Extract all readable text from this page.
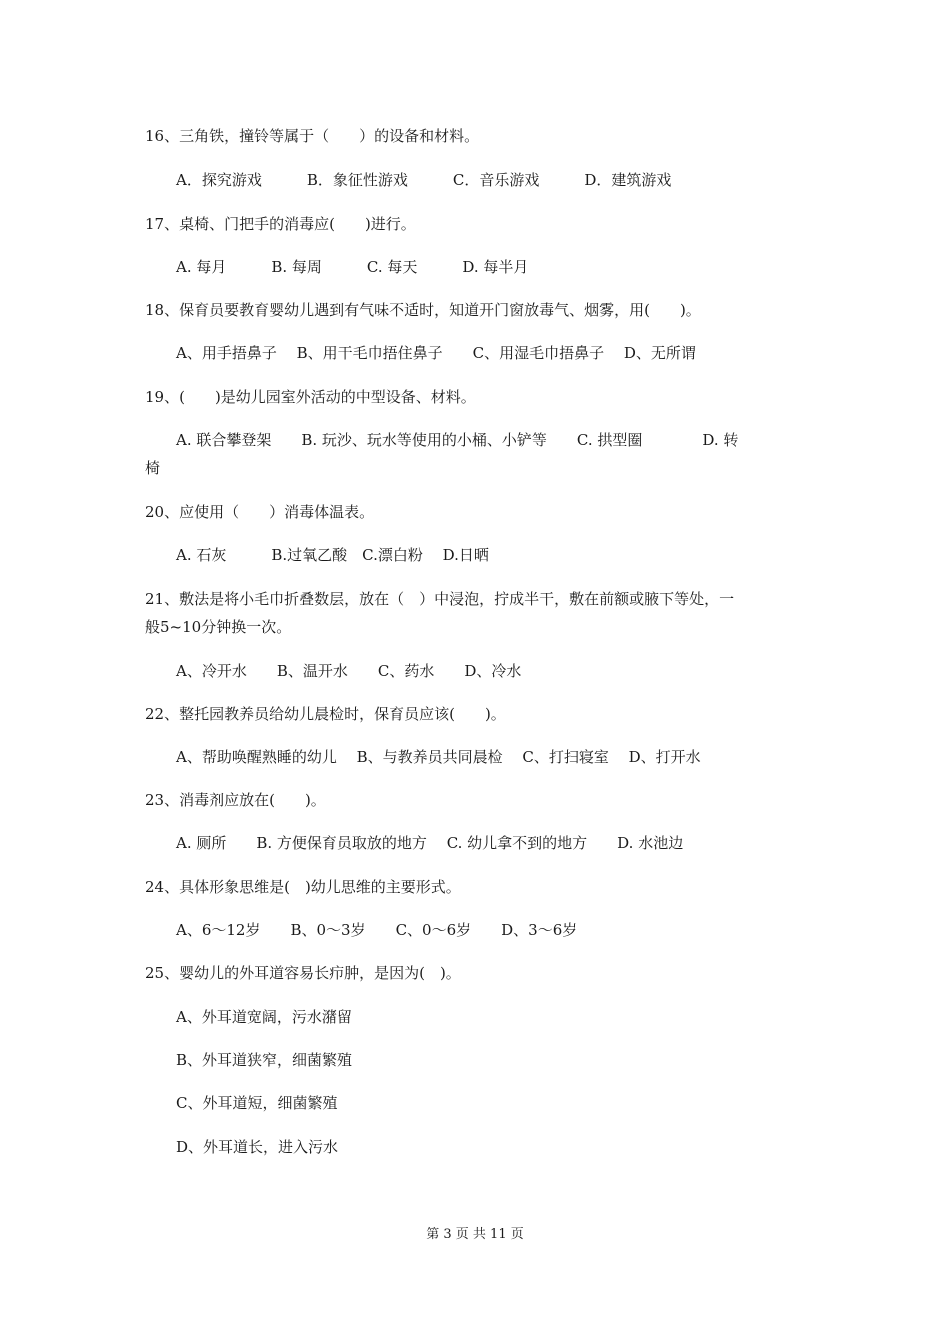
16、三角铁，撞铃等属于（　　）的设备和材料。
A．探究游戏　　　B．象征性游戏　　　C．音乐游戏　　　D．建筑游戏
17、桌椅、门把手的消毒应(　　)进行。
A. 每月　　　B. 每周　　　C. 每天　　　D. 每半月
18、保育员要教育婴幼儿遇到有气味不适时，知道开门窗放毒气、烟雾，用(　　)。
A、用手捂鼻子　 B、用干毛巾捂住鼻子　　C、用湿毛巾捂鼻子　 D、无所谓
19、(　　)是幼儿园室外活动的中型设备、材料。
A. 联合攀登架　　B. 玩沙、玩水等使用的小桶、小铲等　　C. 拱型圈　　　　D. 转
椅
20、应使用（　　）消毒体温表。
A. 石灰　　　B.过氧乙酸　C.漂白粉　 D.日晒
21、敷法是将小毛巾折叠数层，放在（　）中浸泡，拧成半干，敷在前额或腋下等处，一
般5~10分钟换一次。
A、冷开水　　B、温开水　　C、药水　　D、冷水
22、整托园教养员给幼儿晨检时，保育员应该(　　)。
A、帮助唤醒熟睡的幼儿　 B、与教养员共同晨检　 C、打扫寝室　 D、打开水
23、消毒剂应放在(　　)。
A. 厕所　　B. 方便保育员取放的地方　 C. 幼儿拿不到的地方　　D. 水池边
24、具体形象思维是(　)幼儿思维的主要形式。
A、6～12岁　　B、0～3岁　　C、0～6岁　　D、3～6岁
25、婴幼儿的外耳道容易长疖肿，是因为(　)。
A、外耳道宽阔，污水潴留
B、外耳道狭窄，细菌繁殖
C、外耳道短，细菌繁殖
D、外耳道长，进入污水
第 3 页 共 11 页
